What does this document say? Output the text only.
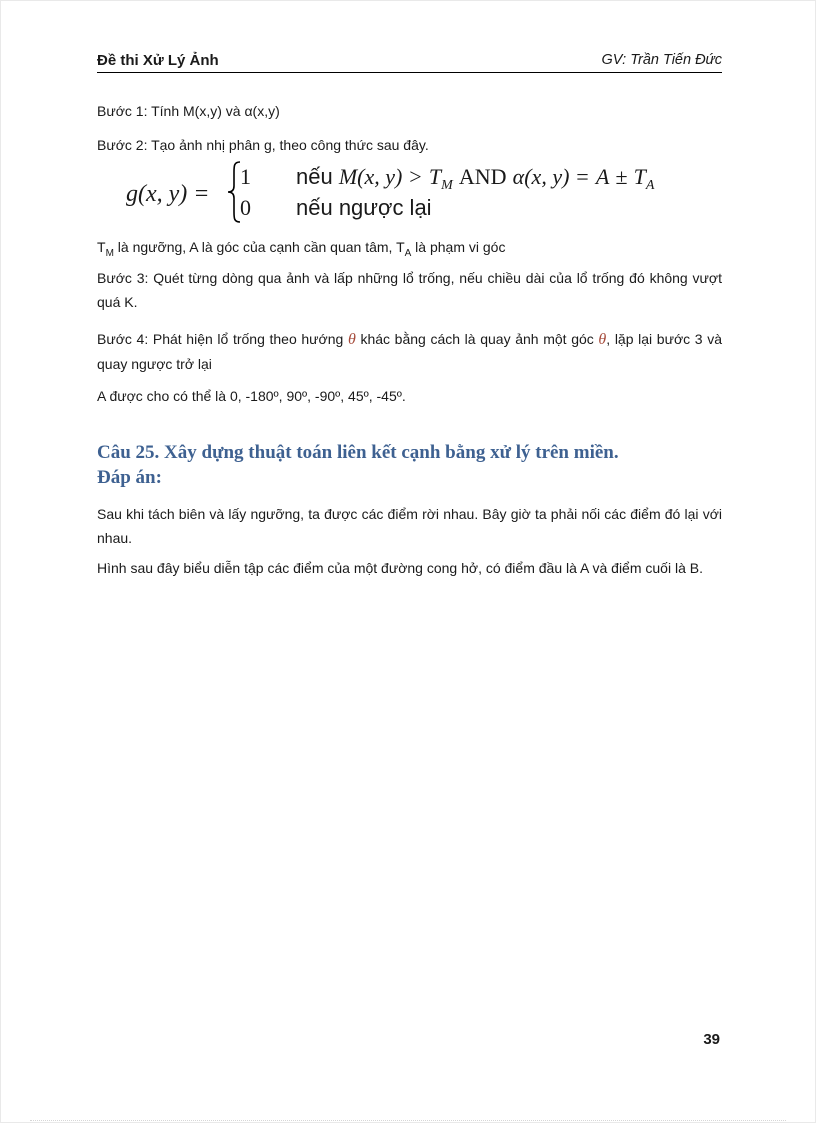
Đề thi Xử Lý Ảnh	GV: Trần Tiến Đức
Bước 1: Tính M(x,y) và α(x,y)
Bước 2: Tạo ảnh nhị phân g, theo công thức sau đây.
g(x, y) =
1 nếu M(x, $y) > T_M$ AND α(x, $y) = A \pm T_A$
0 nếu ngược lại
$T_M$ là ngưỡng, A là góc của cạnh cần quan tâm, $T_A$ là phạm vi góc
Bước 3: Quét từng dòng qua ảnh và lấp những lổ trống, nếu chiều dài của lổ trống đó không vượt quá K.
Bước 4: Phát hiện lổ trống theo hướng θ khác bằng cách là quay ảnh một góc θ, lặp lại bước 3 và quay ngược trở lại
A được cho có thể là 0, -180º, 90º, -90º, 45º, -45º.
Câu 25. Xây dựng thuật toán liên kết cạnh bằng xử lý trên miền.
Đáp án:
Sau khi tách biên và lấy ngưỡng, ta được các điểm rời nhau. Bây giờ ta phải nối các điểm đó lại với nhau.
Hình sau đây biểu diễn tập các điểm của một đường cong hở, có điểm đầu là A và điểm cuối là B.
39
